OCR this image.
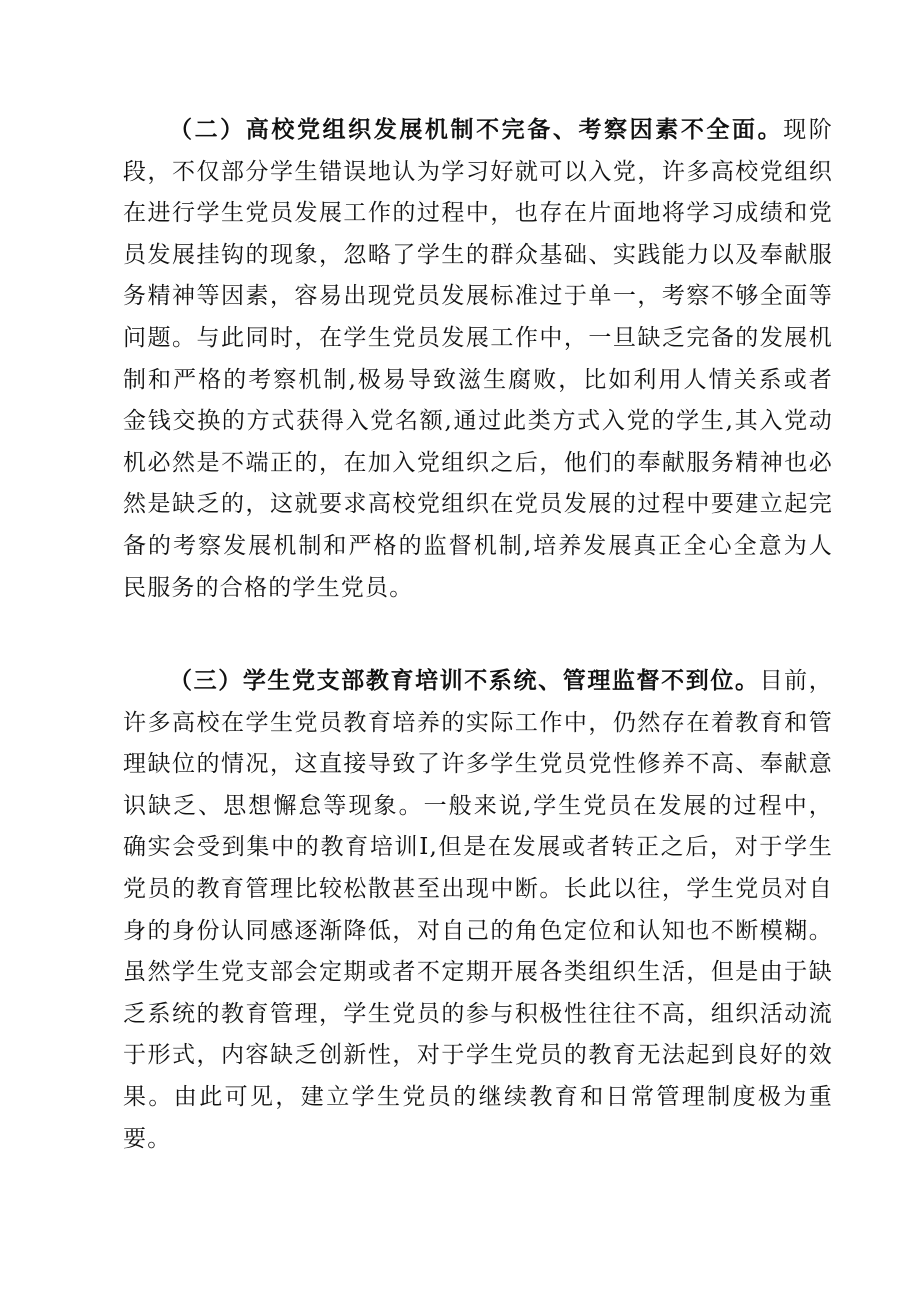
（二）高校党组织发展机制不完备、考察因素不全面。现阶段，不仅部分学生错误地认为学习好就可以入党，许多高校党组织在进行学生党员发展工作的过程中，也存在片面地将学习成绩和党员发展挂钩的现象，忽略了学生的群众基础、实践能力以及奉献服务精神等因素，容易出现党员发展标准过于单一，考察不够全面等问题。与此同时，在学生党员发展工作中，一旦缺乏完备的发展机制和严格的考察机制,极易导致滋生腐败，比如利用人情关系或者金钱交换的方式获得入党名额,通过此类方式入党的学生,其入党动机必然是不端正的，在加入党组织之后，他们的奉献服务精神也必然是缺乏的，这就要求高校党组织在党员发展的过程中要建立起完备的考察发展机制和严格的监督机制,培养发展真正全心全意为人民服务的合格的学生党员。

（三）学生党支部教育培训不系统、管理监督不到位。目前，许多高校在学生党员教育培养的实际工作中，仍然存在着教育和管理缺位的情况，这直接导致了许多学生党员党性修养不高、奉献意识缺乏、思想懈怠等现象。一般来说,学生党员在发展的过程中，确实会受到集中的教育培训I,但是在发展或者转正之后，对于学生党员的教育管理比较松散甚至出现中断。长此以往，学生党员对自身的身份认同感逐渐降低，对自己的角色定位和认知也不断模糊。虽然学生党支部会定期或者不定期开展各类组织生活，但是由于缺乏系统的教育管理，学生党员的参与积极性往往不高，组织活动流于形式，内容缺乏创新性，对于学生党员的教育无法起到良好的效果。由此可见，建立学生党员的继续教育和日常管理制度极为重要。
